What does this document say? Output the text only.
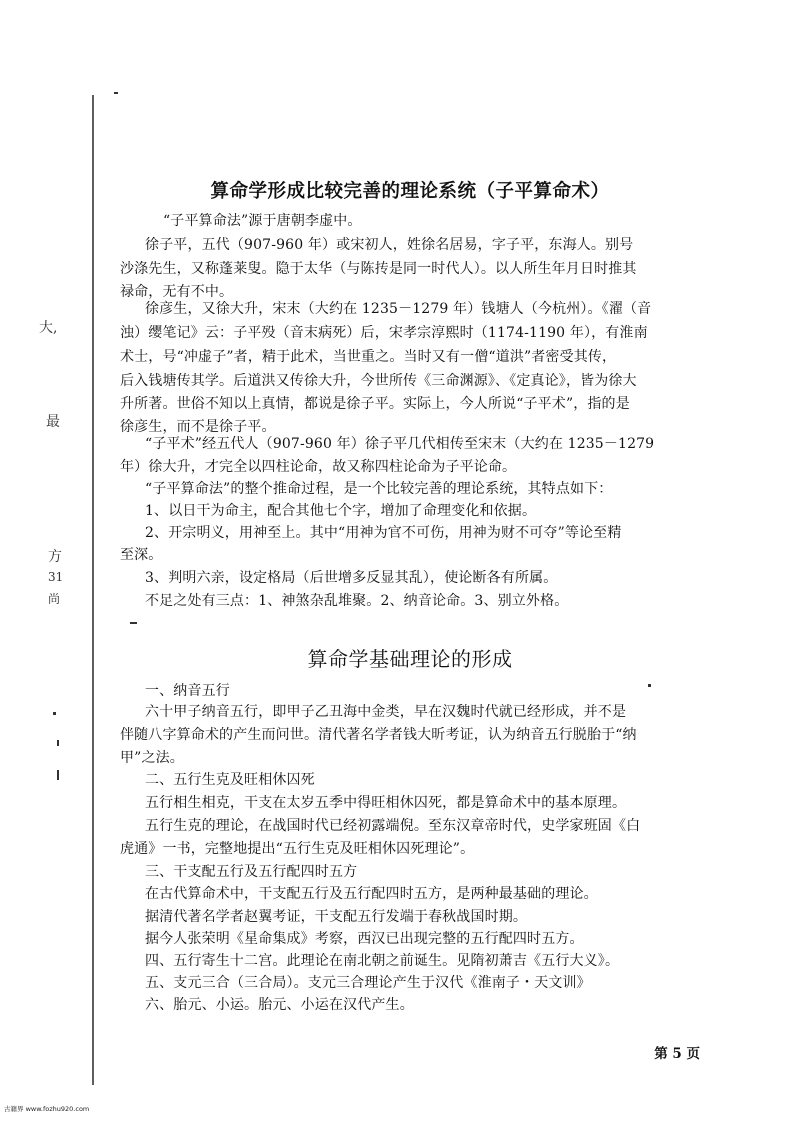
大,
最
方
31
尚
算命学形成比较完善的理论系统（子平算命术）
“子平算命法”源于唐朝李虚中。
徐子平，五代（907-960 年）或宋初人，姓徐名居易，字子平，东海人。别号
沙涤先生，又称蓬莱叟。隐于太华（与陈抟是同一时代人）。以人所生年月日时推其
禄命，无有不中。
徐彦生，又徐大升，宋末（大约在 1235－1279 年）钱塘人（今杭州）。《濯（音
浊）缨笔记》云：子平殁（音末病死）后，宋孝宗淳熙时（1174-1190 年），有淮南
术士，号“冲虚子”者，精于此术，当世重之。当时又有一僧“道洪”者密受其传，
后入钱塘传其学。后道洪又传徐大升，今世所传《三命渊源》、《定真论》，皆为徐大
升所著。世俗不知以上真情，都说是徐子平。实际上，今人所说“子平术”，指的是
徐彦生，而不是徐子平。
“子平术”经五代人（907-960 年）徐子平几代相传至宋末（大约在 1235－1279
年）徐大升，才完全以四柱论命，故又称四柱论命为子平论命。
“子平算命法”的整个推命过程，是一个比较完善的理论系统，其特点如下：
1、以日干为命主，配合其他七个字，增加了命理变化和依据。
2、开宗明义，用神至上。其中“用神为官不可伤，用神为财不可夺”等论至精
至深。
3、判明六亲，设定格局（后世增多反显其乱），使论断各有所属。
不足之处有三点：1、神煞杂乱堆聚。2、纳音论命。3、别立外格。
算命学基础理论的形成
一、纳音五行
六十甲子纳音五行，即甲子乙丑海中金类，早在汉魏时代就已经形成，并不是
伴随八字算命术的产生而问世。清代著名学者钱大昕考证，认为纳音五行脱胎于“纳
甲”之法。
二、五行生克及旺相休囚死
五行相生相克，干支在太岁五季中得旺相休囚死，都是算命术中的基本原理。
五行生克的理论，在战国时代已经初露端倪。至东汉章帝时代，史学家班固《白
虎通》一书，完整地提出“五行生克及旺相休囚死理论”。
三、干支配五行及五行配四时五方
在古代算命术中，干支配五行及五行配四时五方，是两种最基础的理论。
据清代著名学者赵翼考证，干支配五行发端于春秋战国时期。
据今人张荣明《星命集成》考察，西汉已出现完整的五行配四时五方。
四、五行寄生十二宫。此理论在南北朝之前诞生。见隋初萧吉《五行大义》。
五、支元三合（三合局）。支元三合理论产生于汉代《淮南子・天文训》
六、胎元、小运。胎元、小运在汉代产生。
第 5 页
古籍界 www.fozhu920.com
